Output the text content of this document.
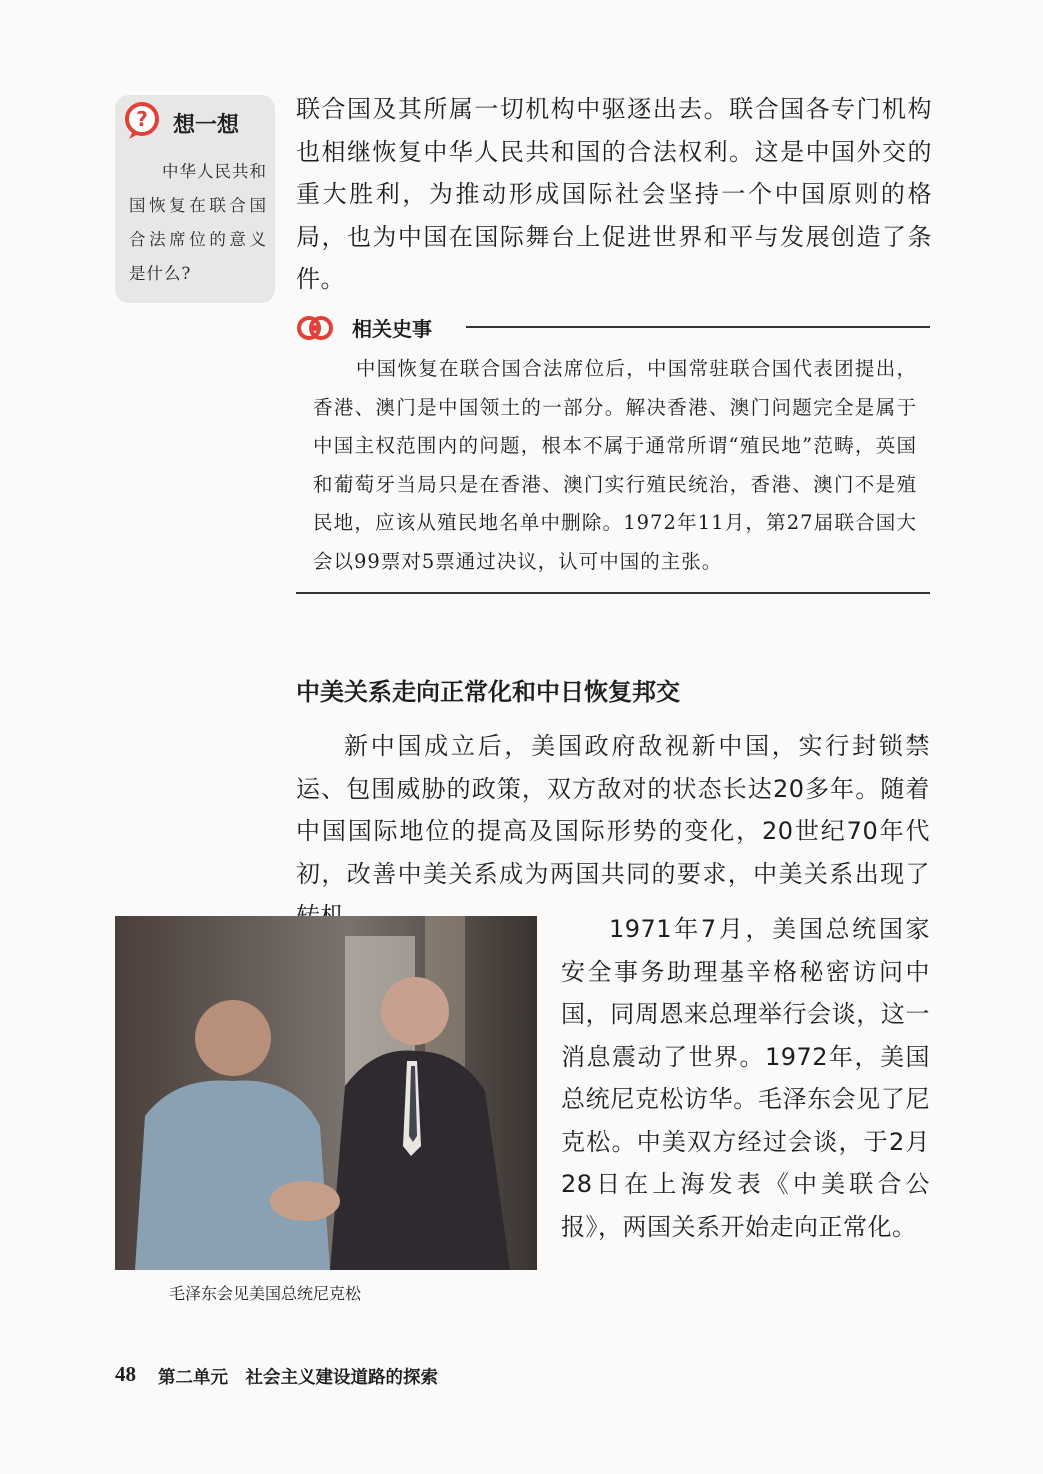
? 想一想
中华人民共和国恢复在联合国合法席位的意义是什么?
联合国及其所属一切机构中驱逐出去。联合国各专门机构也相继恢复中华人民共和国的合法权利。这是中国外交的重大胜利，为推动形成国际社会坚持一个中国原则的格局，也为中国在国际舞台上促进世界和平与发展创造了条件。
相关史事
中国恢复在联合国合法席位后，中国常驻联合国代表团提出，香港、澳门是中国领土的一部分。解决香港、澳门问题完全是属于中国主权范围内的问题，根本不属于通常所谓“殖民地”范畴，英国和葡萄牙当局只是在香港、澳门实行殖民统治，香港、澳门不是殖民地，应该从殖民地名单中删除。1972年11月，第27届联合国大会以99票对5票通过决议，认可中国的主张。
中美关系走向正常化和中日恢复邦交
新中国成立后，美国政府敌视新中国，实行封锁禁运、包围威胁的政策，双方敌对的状态长达20多年。随着中国国际地位的提高及国际形势的变化，20世纪70年代初，改善中美关系成为两国共同的要求，中美关系出现了
毛泽东会见美国总统尼克松
1971年7月，美国总统国家安全事务助理基辛格秘密访问中国，同周恩来总理举行会谈，这一消息震动了世界。1972年，美国总统尼克松访华。毛泽东会见了尼克松。中美双方经过会谈，于2月28日在上海发表《中美联合公报》，两国关系开始走向正常化。
48 第二单元　社会主义建设道路的探索
